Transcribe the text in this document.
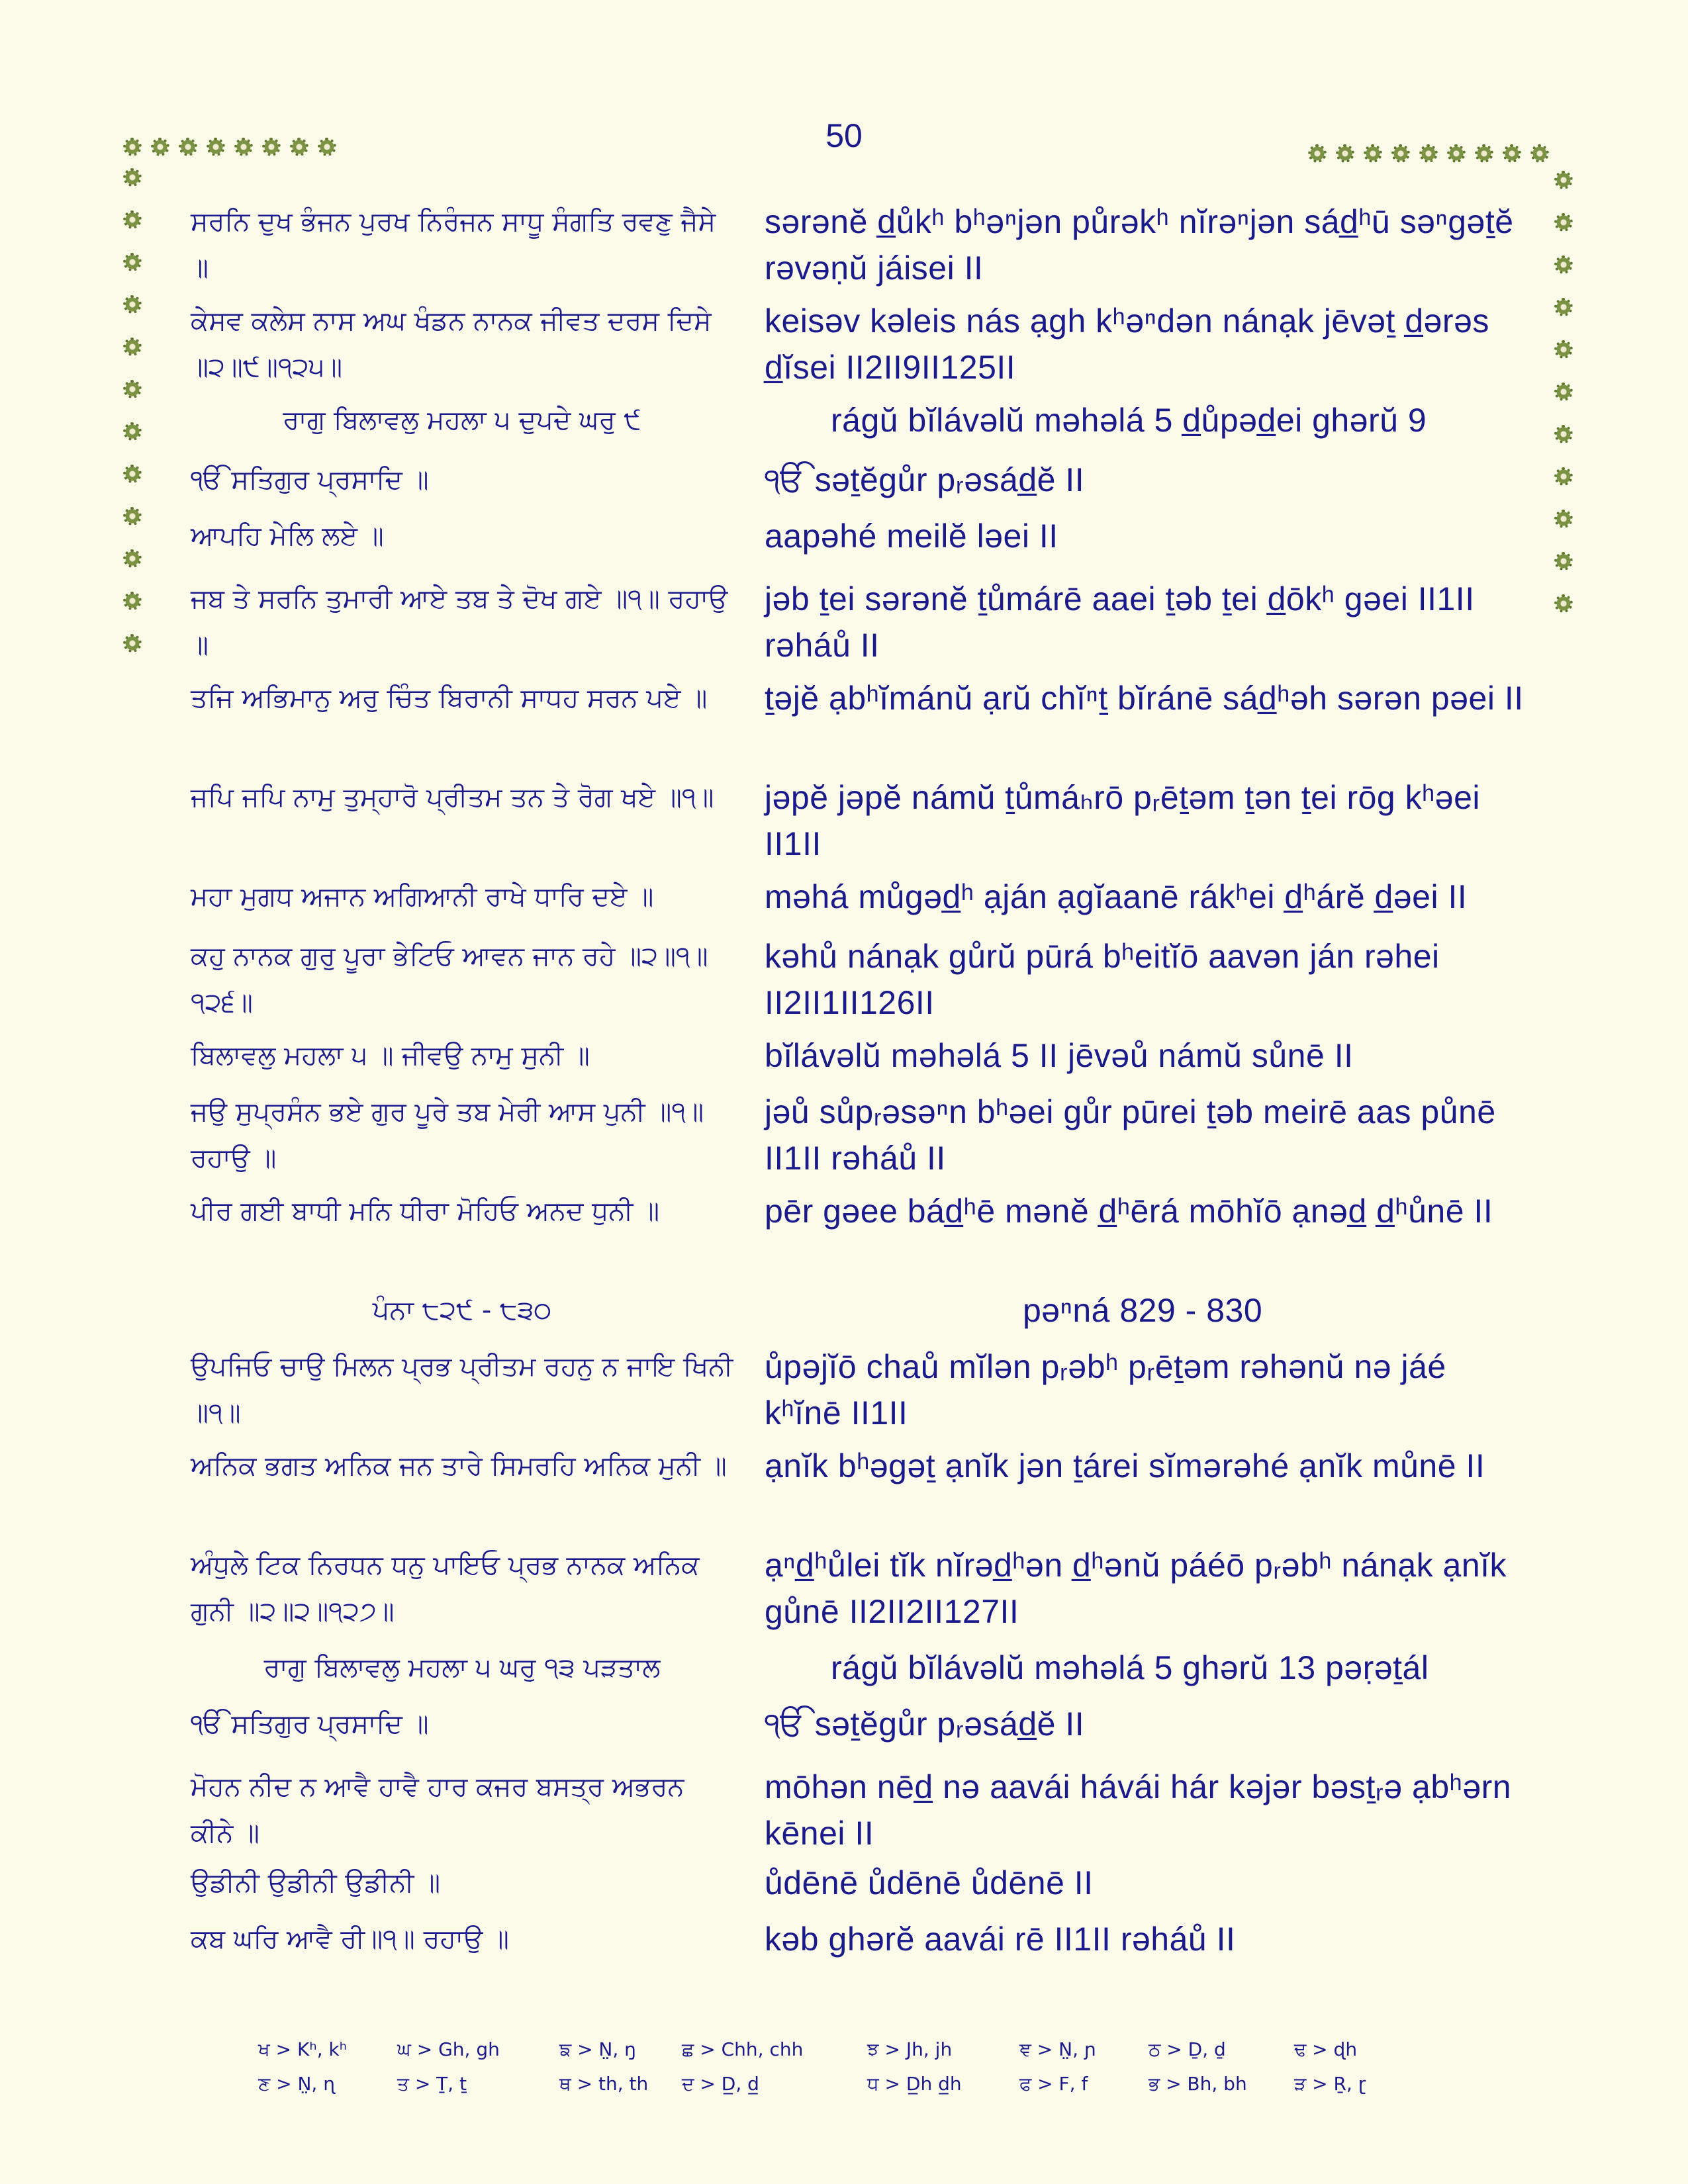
50
ਸਰਨਿ ਦੁਖ ਭੰਜਨ ਪੁਰਖ ਨਿਰੰਜਨ ਸਾਧੂ ਸੰਗਤਿ ਰਵਣੁ ਜੈਸੇ ॥
sərənĕ d̲ůkʰ bʰəⁿjən půrəkʰ nĭrəⁿjən sád̲ʰū səⁿgəṯĕ rəvəṇŭ jáisei II
ਕੇਸਵ ਕਲੇਸ ਨਾਸ ਅਘ ਖੰਡਨ ਨਾਨਕ ਜੀਵਤ ਦਰਸ ਦਿਸੇ ॥੨॥੯॥੧੨੫॥
keisəv kəleis nás ạgh kʰəⁿdən nánạk jēvəṯ d̲ərəs d̲ĭsei II2II9II125II
ਰਾਗੁ ਬਿਲਾਵਲੁ ਮਹਲਾ ੫ ਦੁਪਦੇ ਘਰੁ ੯	rágŭ bĭlávəlŭ məhəlá 5 d̲ůpəd̲ei ghərŭ 9
ੴ ਸਤਿਗੁਰ ਪ੍ਰਸਾਦਿ ॥	ੴ səṯĕgůr pᵣəsád̲ĕ II
ਆਪਹਿ ਮੇਲਿ ਲਏ ॥	aapəhé meilĕ ləei II
ਜਬ ਤੇ ਸਰਨਿ ਤੁਮਾਰੀ ਆਏ ਤਬ ਤੇ ਦੋਖ ਗਏ ॥੧॥ ਰਹਾਉ ॥
jəb ṯei sərənĕ ṯůmárē aaei ṯəb ṯei d̲ōkʰ gəei II1II rəháů II
ਤਜਿ ਅਭਿਮਾਨੁ ਅਰੁ ਚਿੰਤ ਬਿਰਾਨੀ ਸਾਧਹ ਸਰਨ ਪਏ ॥	ṯəjĕ ạbʰĭmánŭ ạrŭ chĭⁿṯ bĭránē sád̲ʰəh sərən pəei II
ਜਪਿ ਜਪਿ ਨਾਮੁ ਤੁਮ੍ਹਾਰੋ ਪ੍ਰੀਤਮ ਤਨ ਤੇ ਰੋਗ ਖਏ ॥੧॥	jəpĕ jəpĕ námŭ ṯůmáₕrō pᵣēṯəm ṯən ṯei rōg kʰəei II1II
ਮਹਾ ਮੁਗਧ ਅਜਾਨ ਅਗਿਆਨੀ ਰਾਖੇ ਧਾਰਿ ਦਏ ॥	məhá můgəd̲ʰ ạján ạgĭaanē rákʰei d̲ʰárĕ d̲əei II
ਕਹੁ ਨਾਨਕ ਗੁਰੁ ਪੂਰਾ ਭੇਟਿਓ ਆਵਨ ਜਾਨ ਰਹੇ ॥੨॥੧॥੧੨੬॥
kəhů nánạk gůrŭ pūrá bʰeitĭō aavən ján rəhei II2II1II126II
ਬਿਲਾਵਲੁ ਮਹਲਾ ੫ ॥ ਜੀਵਉ ਨਾਮੁ ਸੁਨੀ ॥	bĭlávəlŭ məhəlá 5 II jēvəů námŭ sůnē II
ਜਉ ਸੁਪ੍ਰਸੰਨ ਭਏ ਗੁਰ ਪੂਰੇ ਤਬ ਮੇਰੀ ਆਸ ਪੁਨੀ ॥੧॥ ਰਹਾਉ ॥
jəů sůpᵣəsəⁿn bʰəei gůr pūrei ṯəb meirē aas půnē II1II rəháů II
ਪੀਰ ਗਈ ਬਾਧੀ ਮਨਿ ਧੀਰਾ ਮੋਹਿਓ ਅਨਦ ਧੁਨੀ ॥	pēr gəee bád̲ʰē mənĕ d̲ʰērá mōhĭō ạnəd̲ d̲ʰůnē II
ਪੰਨਾ ੮੨੯ - ੮੩੦	pəⁿná 829 - 830
ਉਪਜਿਓ ਚਾਉ ਮਿਲਨ ਪ੍ਰਭ ਪ੍ਰੀਤਮ ਰਹਨੁ ਨ ਜਾਇ ਖਿਨੀ ॥੧॥
ůpəjĭō chaů mĭlən pᵣəbʰ pᵣēṯəm rəhənŭ nə jáé kʰĭnē II1II
ਅਨਿਕ ਭਗਤ ਅਨਿਕ ਜਨ ਤਾਰੇ ਸਿਮਰਹਿ ਅਨਿਕ ਮੁਨੀ ॥ ạnĭk bʰəgəṯ ạnĭk jən ṯárei sĭmərəhé ạnĭk můnē II
ਅੰਧੁਲੇ ਟਿਕ ਨਿਰਧਨ ਧਨੁ ਪਾਇਓ ਪ੍ਰਭ ਨਾਨਕ ਅਨਿਕ ਗੁਨੀ ॥੨॥੨॥੧੨੭॥
ạⁿd̲ʰůlei tĭk nĭrəd̲ʰən d̲ʰənŭ páéō pᵣəbʰ nánạk ạnĭk gůnē II2II2II127II
ਰਾਗੁ ਬਿਲਾਵਲੁ ਮਹਲਾ ੫ ਘਰੁ ੧੩ ਪੜਤਾਲ	rágŭ bĭlávəlŭ məhəlá 5 ghərŭ 13 pəṛəṯál
ੴ ਸਤਿਗੁਰ ਪ੍ਰਸਾਦਿ ॥	ੴ səṯĕgůr pᵣəsád̲ĕ II
ਮੋਹਨ ਨੀਦ ਨ ਆਵੈ ਹਾਵੈ ਹਾਰ ਕਜਰ ਬਸਤ੍ਰ ਅਭਰਨ ਕੀਨੇ ॥
mōhən nēd̲ nə aavái hávái hár kəjər bəsṯᵣə ạbʰərn kēnei II
ਉਡੀਨੀ ਉਡੀਨੀ ਉਡੀਨੀ ॥	ůdēnē ůdēnē ůdēnē II
ਕਬ ਘਰਿ ਆਵੈ ਰੀ॥੧॥ ਰਹਾਉ ॥	kəb ghərĕ aavái rē II1II rəháů II
ਖ > Kʰ, kʰ	ਘ > Gh, gh	ਙ > N̤, ŋ ਛ > Chh, chh	ਝ > Jh, jh	ਞ > N̤, ɲ	ਠ > Ḏ, ḏ	ਢ > ɖh
ਣ > N̤, ɳ	ਤ > Ṯ, ṯ	ਥ > th, th ਦ > D̲, d̲	ਧ > D̲h d̲h	ਫ > F, f	ਭ > Bh, bh	ੜ > Ṟ, ɽ
